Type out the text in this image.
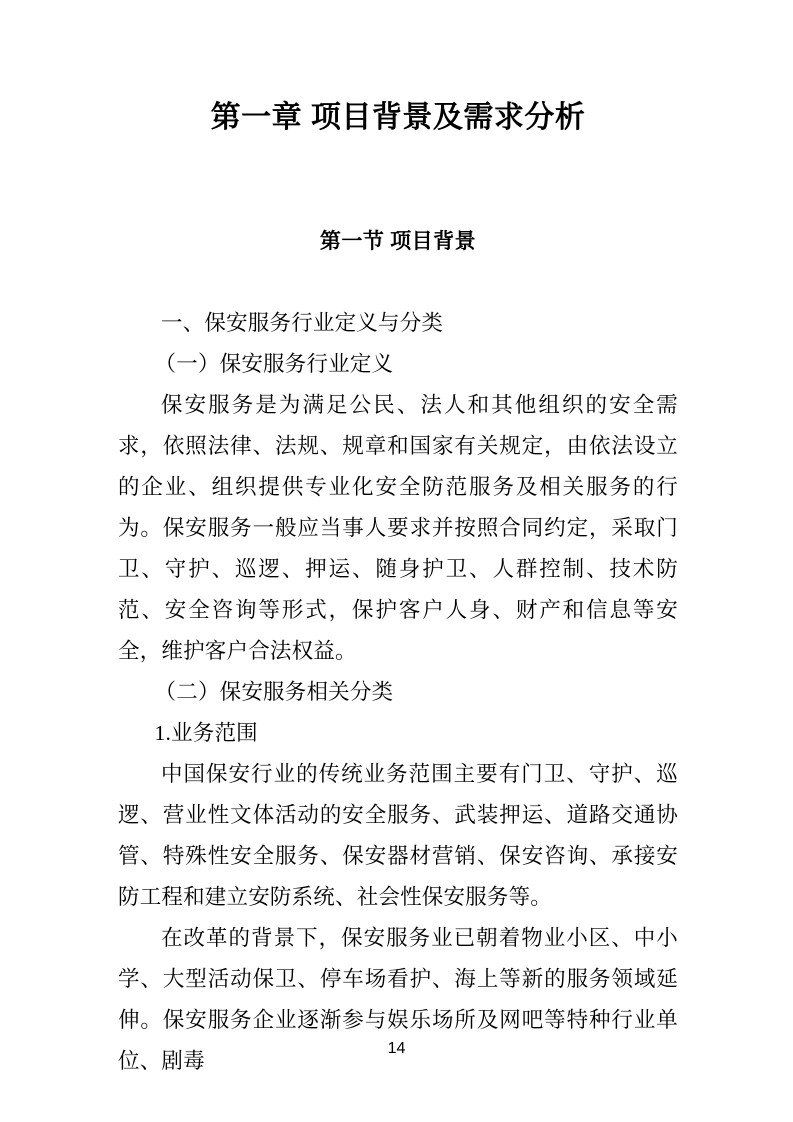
第一章 项目背景及需求分析
第一节 项目背景

一、保安服务行业定义与分类

（一）保安服务行业定义

保安服务是为满足公民、法人和其他组织的安全需求，依照法律、法规、规章和国家有关规定，由依法设立的企业、组织提供专业化安全防范服务及相关服务的行为。保安服务一般应当事人要求并按照合同约定，采取门卫、守护、巡逻、押运、随身护卫、人群控制、技术防范、安全咨询等形式，保护客户人身、财产和信息等安全，维护客户合法权益。

（二）保安服务相关分类

1.业务范围

中国保安行业的传统业务范围主要有门卫、守护、巡逻、营业性文体活动的安全服务、武装押运、道路交通协管、特殊性安全服务、保安器材营销、保安咨询、承接安防工程和建立安防系统、社会性保安服务等。

在改革的背景下，保安服务业已朝着物业小区、中小学、大型活动保卫、停车场看护、海上等新的服务领域延伸。保安服务企业逐渐参与娱乐场所及网吧等特种行业单位、剧毒

14
